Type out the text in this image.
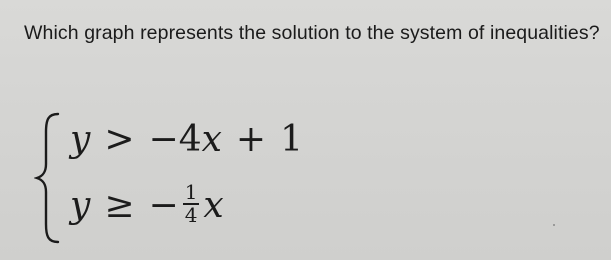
Which graph represents the solution to the system of inequalities?
y > −4x + 1
y ≥ − $\frac{1}{4}$ x
